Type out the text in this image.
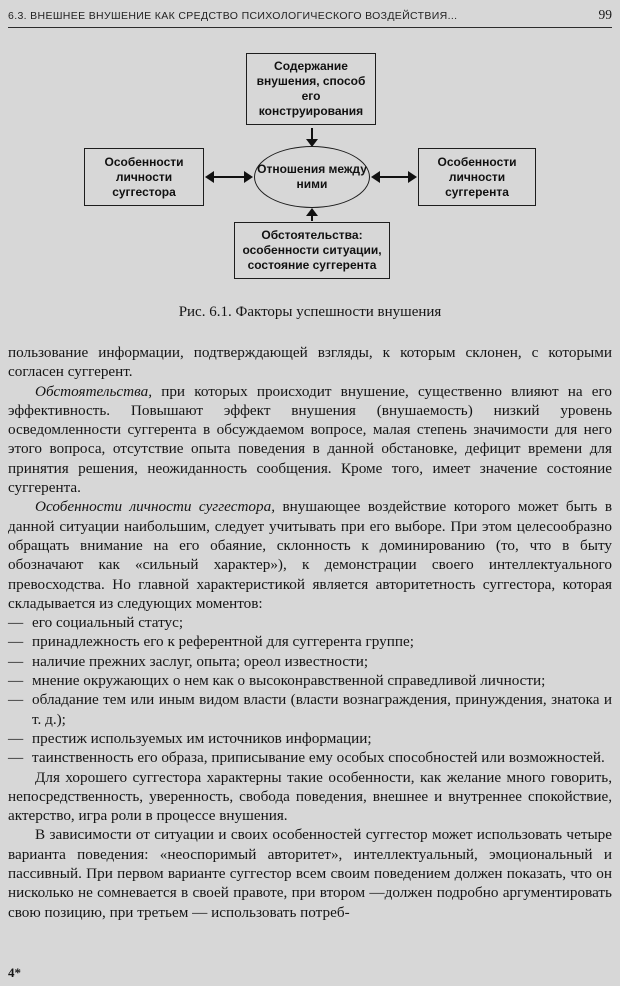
6.3. ВНЕШНЕЕ ВНУШЕНИЕ КАК СРЕДСТВО ПСИХОЛОГИЧЕСКОГО ВОЗДЕЙСТВИЯ...	99
Содержание внушения, способ его конструирования
Особенности личности суггестора
Отношения между ними
Особенности личности суггерента
Обстоятельства: особенности ситуации, состояние суггерента
Рис. 6.1. Факторы успешности внушения

пользование информации, подтверждающей взгляды, к которым склонен, с которыми согласен суггерент.

Обстоятельства, при которых происходит внушение, существенно влияют на его эффективность. Повышают эффект внушения (внушаемость) низкий уровень осведомленности суггерента в обсуждаемом вопросе, малая степень значимости для него этого вопроса, отсутствие опыта поведения в данной обстановке, дефицит времени для принятия решения, неожиданность сообщения. Кроме того, имеет значение состояние суггерента.

Особенности личности суггестора, внушающее воздействие которого может быть в данной ситуации наибольшим, следует учитывать при его выборе. При этом целесообразно обращать внимание на его обаяние, склонность к доминированию (то, что в быту обозначают как «сильный характер»), к демонстрации своего интеллектуального превосходства. Но главной характеристикой является авторитетность суггестора, которая складывается из следующих моментов:

— его социальный статус;
— принадлежность его к референтной для суггерента группе;
— наличие прежних заслуг, опыта; ореол известности;
— мнение окружающих о нем как о высоконравственной справедливой личности;
— обладание тем или иным видом власти (власти вознаграждения, принуждения, знатока и т. д.);
— престиж используемых им источников информации;
— таинственность его образа, приписывание ему особых способностей или возможностей.

Для хорошего суггестора характерны такие особенности, как желание много говорить, непосредственность, уверенность, свобода поведения, внешнее и внутреннее спокойствие, актерство, игра роли в процессе внушения.

В зависимости от ситуации и своих особенностей суггестор может использовать четыре варианта поведения: «неоспоримый авторитет», интеллектуальный, эмоциональный и пассивный. При первом варианте суггестор всем своим поведением должен показать, что он нисколько не сомневается в своей правоте, при втором —должен подробно аргументировать свою позицию, при третьем — использовать потреб-

4*
